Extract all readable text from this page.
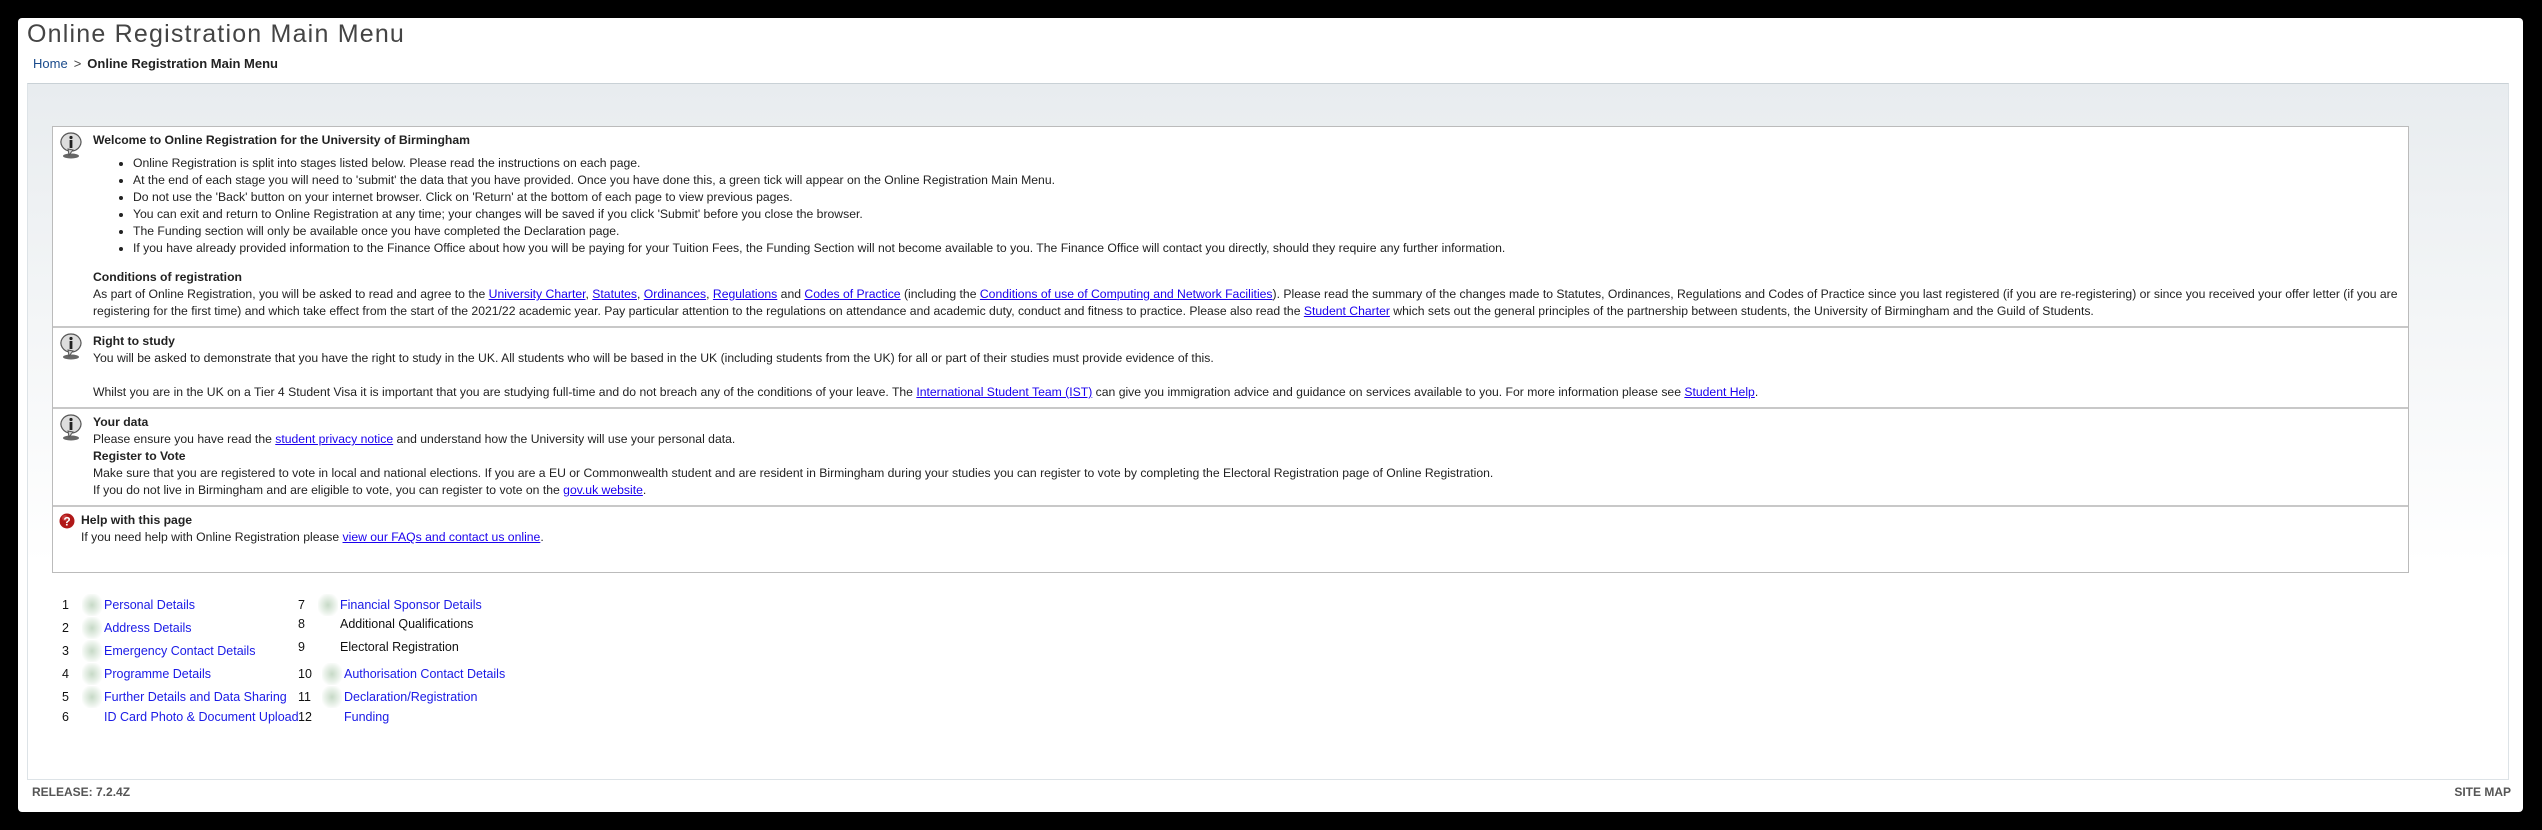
Online Registration Main Menu
Home > Online Registration Main Menu
Welcome to Online Registration for the University of Birmingham
• Online Registration is split into stages listed below. Please read the instructions on each page.
• At the end of each stage you will need to 'submit' the data that you have provided. Once you have done this, a green tick will appear on the Online Registration Main Menu.
• Do not use the 'Back' button on your internet browser. Click on 'Return' at the bottom of each page to view previous pages.
• You can exit and return to Online Registration at any time; your changes will be saved if you click 'Submit' before you close the browser.
• The Funding section will only be available once you have completed the Declaration page.
• If you have already provided information to the Finance Office about how you will be paying for your Tuition Fees, the Funding Section will not become available to you. The Finance Office will contact you directly, should they require any further information.
Conditions of registration

As part of Online Registration, you will be asked to read and agree to the University Charter, Statutes, Ordinances, Regulations and Codes of Practice (including the Conditions of use of Computing and Network Facilities). Please read the summary of the changes made to Statutes, Ordinances, Regulations and Codes of Practice since you last registered (if you are re-registering) or since you received your offer letter (if you are registering for the first time) and which take effect from the start of the 2021/22 academic year. Pay particular attention to the regulations on attendance and academic duty, conduct and fitness to practice. Please also read the Student Charter which sets out the general principles of the partnership between students, the University of Birmingham and the Guild of Students.

Right to study

You will be asked to demonstrate that you have the right to study in the UK. All students who will be based in the UK (including students from the UK) for all or part of their studies must provide evidence of this.

Whilst you are in the UK on a Tier 4 Student Visa it is important that you are studying full-time and do not breach any of the conditions of your leave. The International Student Team (IST) can give you immigration advice and guidance on services available to you. For more information please see Student Help.

Your data

Please ensure you have read the student privacy notice and understand how the University will use your personal data.

Register to Vote

Make sure that you are registered to vote in local and national elections. If you are a EU or Commonwealth student and are resident in Birmingham during your studies you can register to vote by completing the Electoral Registration page of Online Registration.

If you do not live in Birmingham and are eligible to vote, you can register to vote on the gov.uk website.

? Help with this page

If you need help with Online Registration please view our FAQs and contact us online.

1	Personal Details
2	Address Details
3	Emergency Contact Details
4	Programme Details
5	Further Details and Data Sharing
6	ID Card Photo & Document Upload
7	Financial Sponsor Details
8	Additional Qualifications
9	Electoral Registration
10	Authorisation Contact Details
11	Declaration/Registration
12	Funding
RELEASE: 7.2.4Z	SITE MAP
